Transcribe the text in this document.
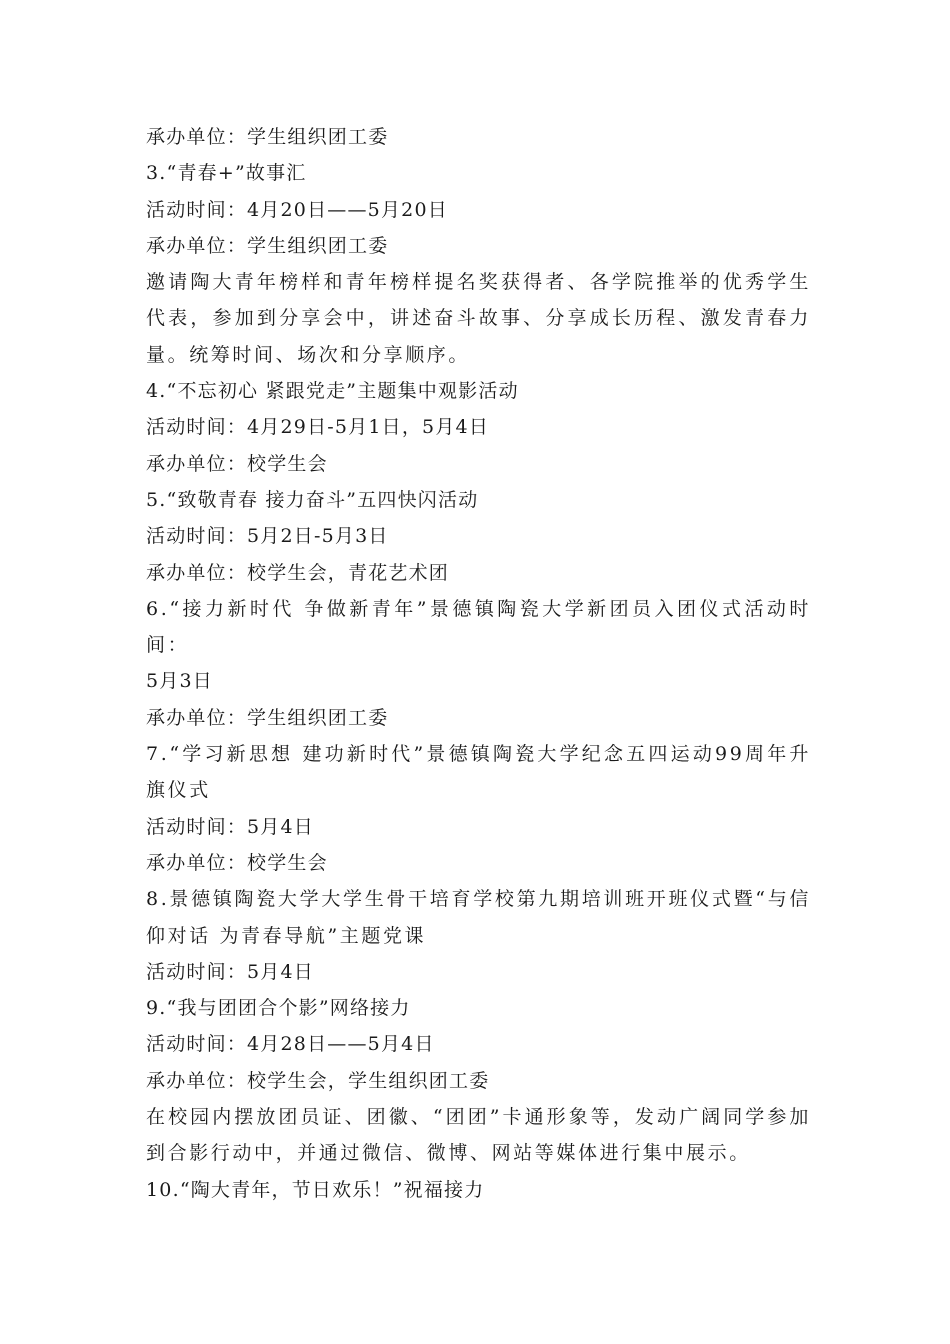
承办单位：学生组织团工委
3.“青春+”故事汇
活动时间：4月20日——5月20日
承办单位：学生组织团工委
邀请陶大青年榜样和青年榜样提名奖获得者、各学院推举的优秀学生代表，参加到分享会中，讲述奋斗故事、分享成长历程、激发青春力量。统筹时间、场次和分享顺序。
4.“不忘初心 紧跟党走”主题集中观影活动
活动时间：4月29日-5月1日，5月4日
承办单位：校学生会
5.“致敬青春 接力奋斗”五四快闪活动
活动时间：5月2日-5月3日
承办单位：校学生会，青花艺术团
6.“接力新时代 争做新青年”景德镇陶瓷大学新团员入团仪式活动时间：
5月3日
承办单位：学生组织团工委
7.“学习新思想 建功新时代”景德镇陶瓷大学纪念五四运动99周年升旗仪式
活动时间：5月4日
承办单位：校学生会
8.景德镇陶瓷大学大学生骨干培育学校第九期培训班开班仪式暨“与信仰对话 为青春导航”主题党课
活动时间：5月4日
9.“我与团团合个影”网络接力
活动时间：4月28日——5月4日
承办单位：校学生会，学生组织团工委
在校园内摆放团员证、团徽、“团团”卡通形象等，发动广阔同学参加到合影行动中，并通过微信、微博、网站等媒体进行集中展示。
10.“陶大青年，节日欢乐！”祝福接力
